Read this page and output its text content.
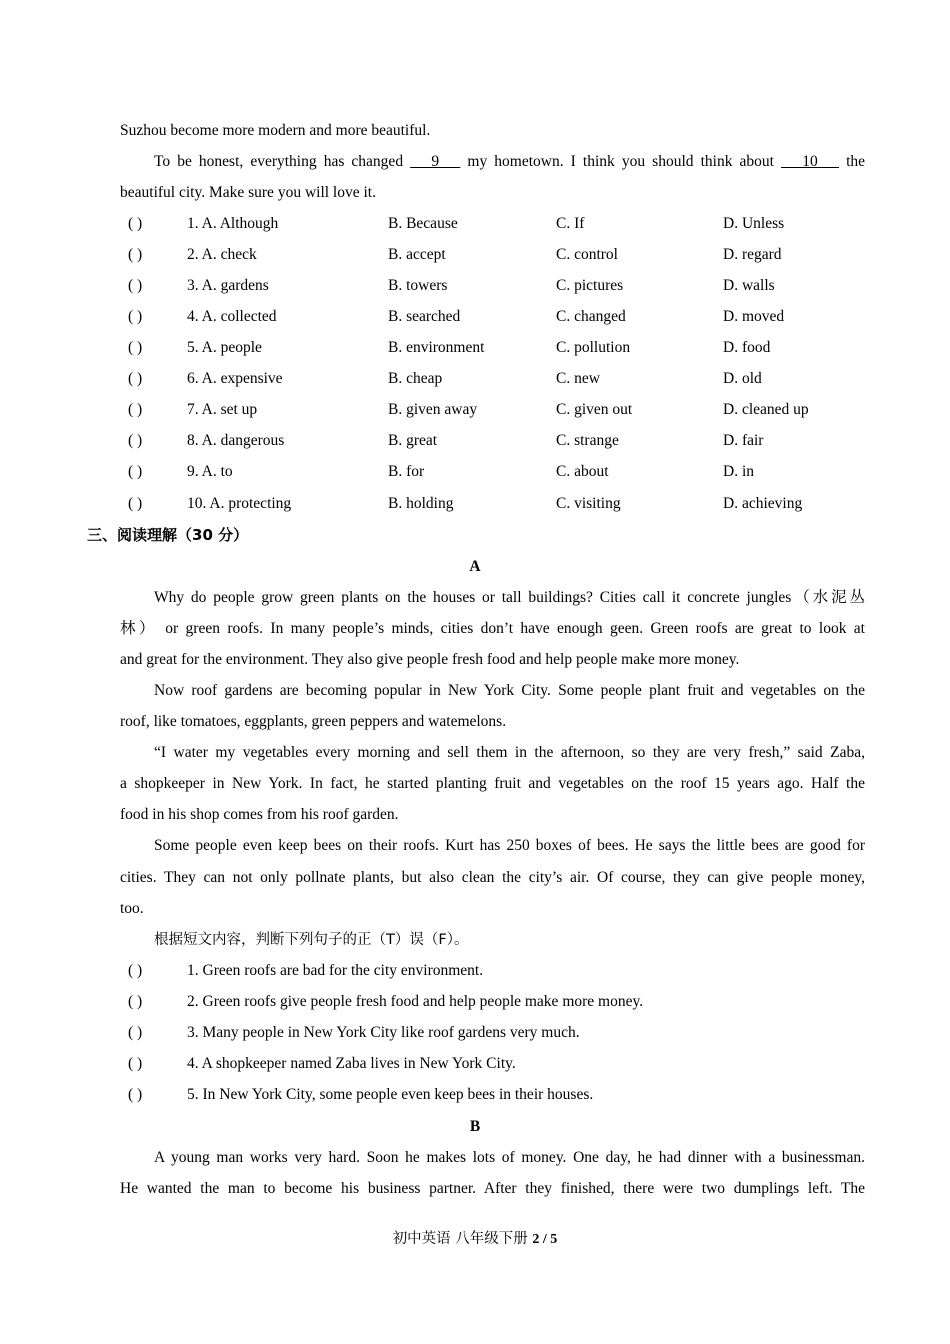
Suzhou become more modern and more beautiful.
To be honest, everything has changed    9    my hometown. I think you should think about    10    the
beautiful city. Make sure you will love it.
( )	1. A. Although	B. Because	C. If	D. Unless
( )	2. A. check	B. accept	C. control	D. regard
( )	3. A. gardens	B. towers	C. pictures	D. walls
( )	4. A. collected	B. searched	C. changed	D. moved
( )	5. A. people	B. environment	C. pollution	D. food
( )	6. A. expensive	B. cheap	C. new	D. old
( )	7. A. set up	B. given away	C. given out	D. cleaned up
( )	8. A. dangerous	B. great	C. strange	D. fair
( )	9. A. to	B. for	C. about	D. in
( )	10. A. protecting	B. holding	C. visiting	D. achieving
三、阅读理解（30 分）
A
Why do people grow green plants on the houses or tall buildings? Cities call it concrete jungles（水泥丛
林） or green roofs. In many people’s minds, cities don’t have enough geen. Green roofs are great to look at
and great for the environment. They also give people fresh food and help people make more money.
Now roof gardens are becoming popular in New York City. Some people plant fruit and vegetables on the
roof, like tomatoes, eggplants, green peppers and watemelons.
“I water my vegetables every morning and sell them in the afternoon, so they are very fresh,” said Zaba,
a shopkeeper in New York. In fact, he started planting fruit and vegetables on the roof 15 years ago. Half the
food in his shop comes from his roof garden.
Some people even keep bees on their roofs. Kurt has 250 boxes of bees. He says the little bees are good for
cities. They can not only pollnate plants, but also clean the city’s air. Of course, they can give people money,
too.
根据短文内容，判断下列句子的正（T）误（F）。
( )	1. Green roofs are bad for the city environment.
( )	2. Green roofs give people fresh food and help people make more money.
( )	3. Many people in New York City like roof gardens very much.
( )	4. A shopkeeper named Zaba lives in New York City.
( )	5. In New York City, some people even keep bees in their houses.
B
A young man works very hard. Soon he makes lots of money. One day, he had dinner with a businessman.
He wanted the man to become his business partner. After they finished, there were two dumplings left. The
初中英语 八年级下册 2 / 5
